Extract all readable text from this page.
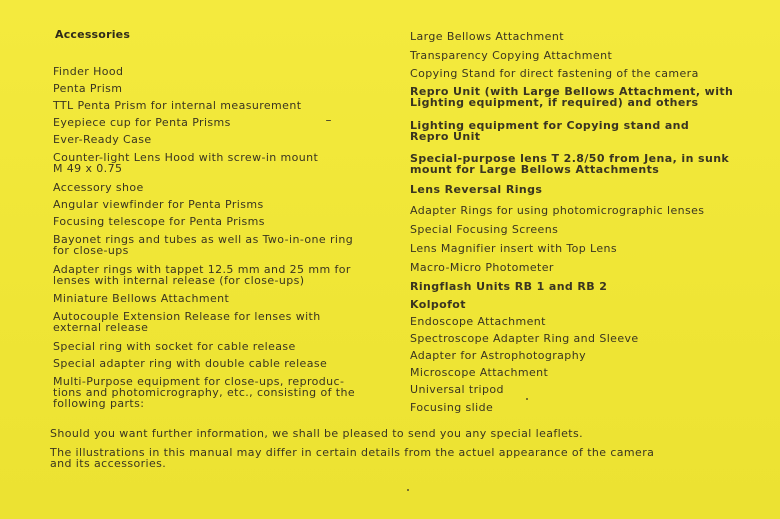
Accessories
Finder Hood
Penta Prism
TTL Penta Prism for internal measurement
Eyepiece cup for Penta Prisms
Ever-Ready Case
Counter-light Lens Hood with screw-in mount
M 49 x 0.75
Accessory shoe
Angular viewfinder for Penta Prisms
Focusing telescope for Penta Prisms
Bayonet rings and tubes as well as Two-in-one ring
for close-ups
Adapter rings with tappet 12.5 mm and 25 mm for
lenses with internal release (for close-ups)
Miniature Bellows Attachment
Autocouple Extension Release for lenses with
external release
Special ring with socket for cable release
Special adapter ring with double cable release
Multi-Purpose equipment for close-ups, reproduc-
tions and photomicrography, etc., consisting of the
following parts:
Large Bellows Attachment
Transparency Copying Attachment
Copying Stand for direct fastening of the camera
Repro Unit (with Large Bellows Attachment, with
Lighting equipment, if required) and others
Lighting equipment for Copying stand and
Repro Unit
Special-purpose lens T 2.8/50 from Jena, in sunk
mount for Large Bellows Attachments
Lens Reversal Rings
Adapter Rings for using photomicrographic lenses
Special Focusing Screens
Lens Magnifier insert with Top Lens
Macro-Micro Photometer
Ringflash Units RB 1 and RB 2
Kolpofot
Endoscope Attachment
Spectroscope Adapter Ring and Sleeve
Adapter for Astrophotography
Microscope Attachment
Universal tripod
Focusing slide
Should you want further information, we shall be pleased to send you any special leaflets.
The illustrations in this manual may differ in certain details from the actuel appearance of the camera
and its accessories.
